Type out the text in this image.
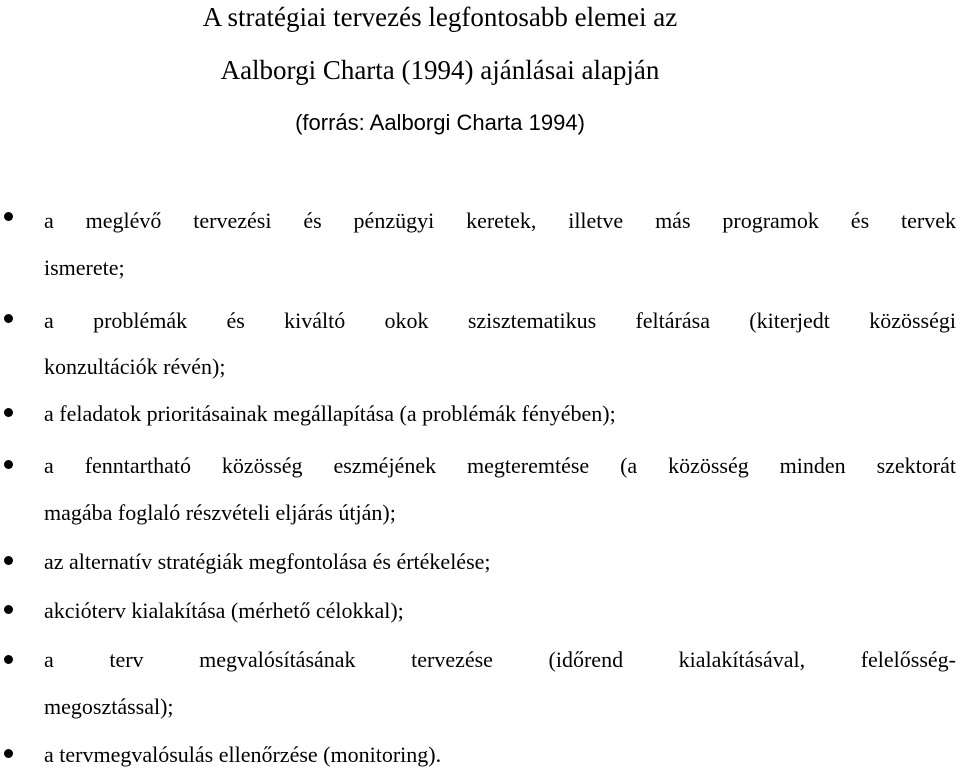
A stratégiai tervezés legfontosabb elemei az
Aalborgi Charta (1994) ajánlásai alapján
(forrás: Aalborgi Charta 1994)
a meglévő tervezési és pénzügyi keretek, illetve más programok és tervek
ismerete;
a problémák és kiváltó okok szisztematikus feltárása (kiterjedt közösségi
konzultációk révén);
a feladatok prioritásainak megállapítása (a problémák fényében);
a fenntartható közösség eszméjének megteremtése (a közösség minden szektorát
magába foglaló részvételi eljárás útján);
az alternatív stratégiák megfontolása és értékelése;
akcióterv kialakítása (mérhető célokkal);
a terv megvalósításának tervezése (időrend kialakításával, felelősség-
megosztással);
a tervmegvalósulás ellenőrzése (monitoring).
